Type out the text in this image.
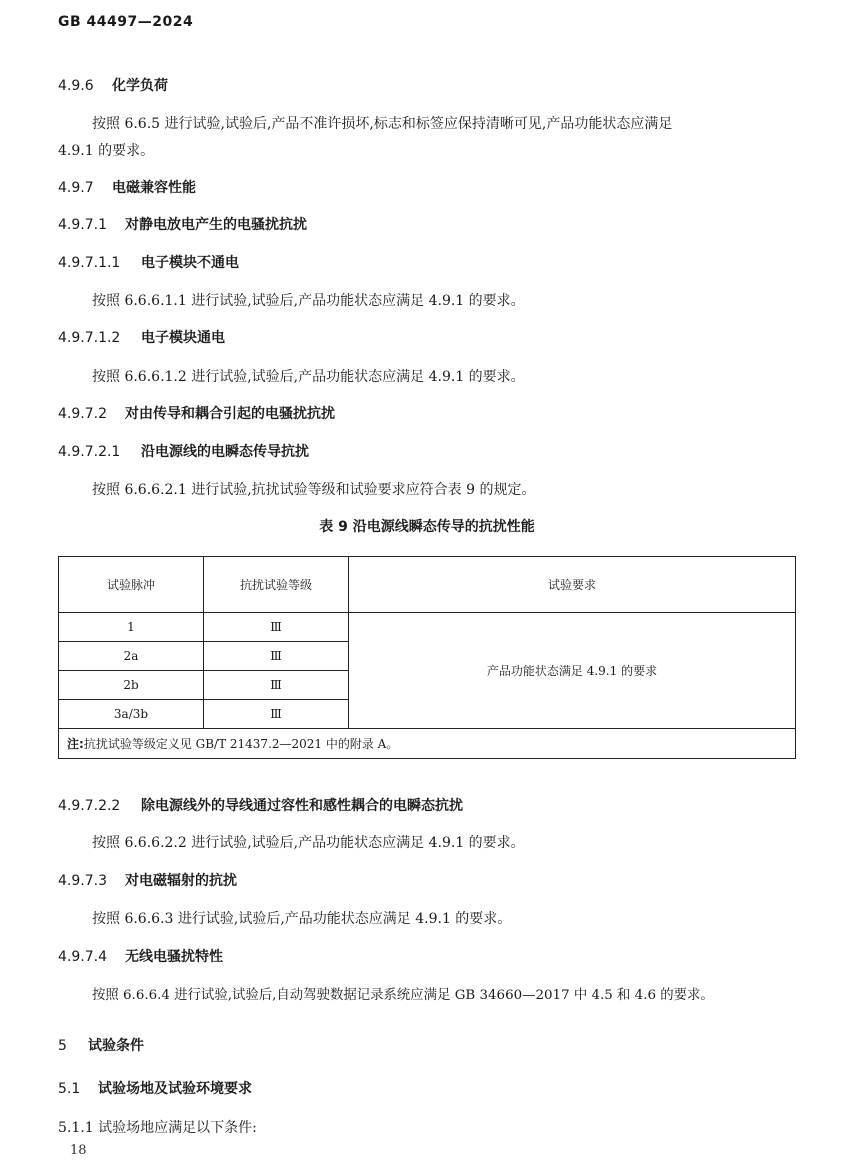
GB 44497—2024
4.9.6 化学负荷
按照 6.6.5 进行试验,试验后,产品不准许损坏,标志和标签应保持清晰可见,产品功能状态应满足
4.9.1 的要求。
4.9.7 电磁兼容性能
4.9.7.1 对静电放电产生的电骚扰抗扰
4.9.7.1.1 电子模块不通电
按照 6.6.6.1.1 进行试验,试验后,产品功能状态应满足 4.9.1 的要求。
4.9.7.1.2 电子模块通电
按照 6.6.6.1.2 进行试验,试验后,产品功能状态应满足 4.9.1 的要求。
4.9.7.2 对由传导和耦合引起的电骚扰抗扰
4.9.7.2.1 沿电源线的电瞬态传导抗扰
按照 6.6.6.2.1 进行试验,抗扰试验等级和试验要求应符合表 9 的规定。
表 9 沿电源线瞬态传导的抗扰性能
试验脉冲	抗扰试验等级	试验要求
1	Ⅲ	产品功能状态满足 4.9.1 的要求
2a	Ⅲ	
2b	Ⅲ	
3a/3b	Ⅲ	
注:抗扰试验等级定义见 GB/T 21437.2—2021 中的附录 A。		
4.9.7.2.2 除电源线外的导线通过容性和感性耦合的电瞬态抗扰
按照 6.6.6.2.2 进行试验,试验后,产品功能状态应满足 4.9.1 的要求。
4.9.7.3 对电磁辐射的抗扰
按照 6.6.6.3 进行试验,试验后,产品功能状态应满足 4.9.1 的要求。
4.9.7.4 无线电骚扰特性
按照 6.6.6.4 进行试验,试验后,自动驾驶数据记录系统应满足 GB 34660—2017 中 4.5 和 4.6 的要求。
5 试验条件
5.1 试验场地及试验环境要求
5.1.1 试验场地应满足以下条件:
18
